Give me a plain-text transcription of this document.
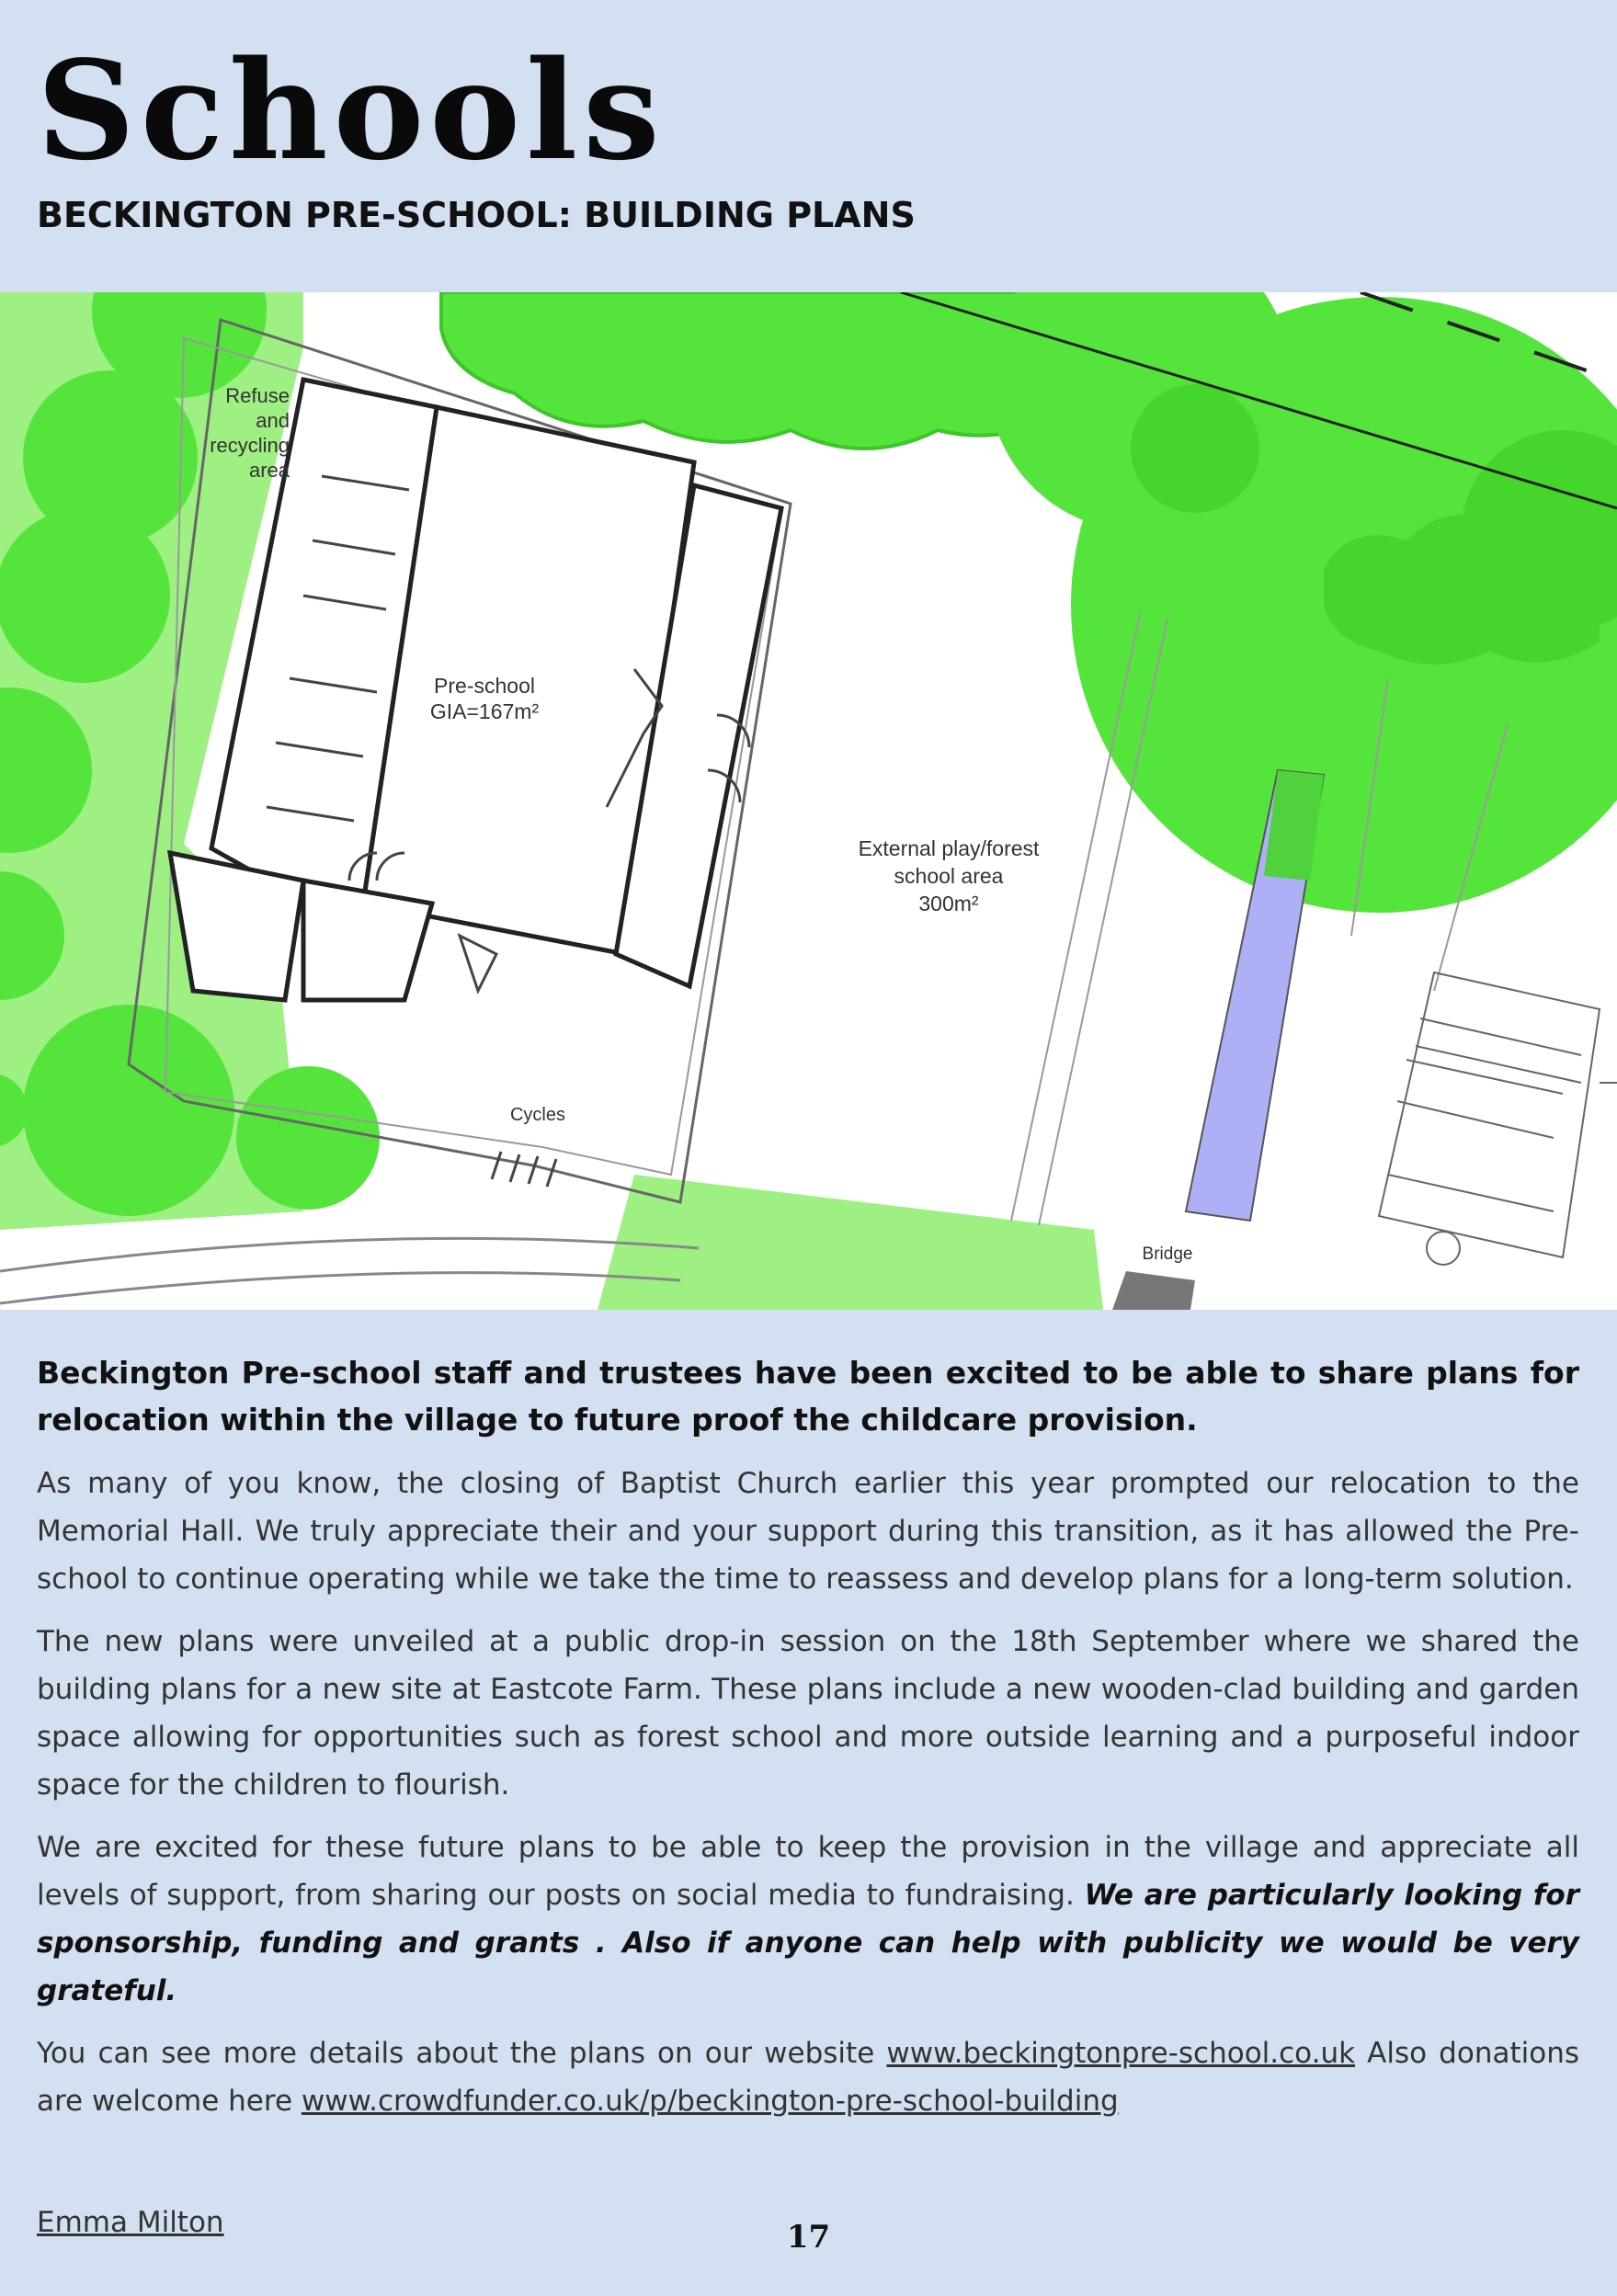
Schools
BECKINGTON PRE-SCHOOL: BUILDING PLANS
Refuse
and
recycling
area
Pre-school
GIA=167m²
External play/forest
school area
300m²
Cycles
Bridge

Beckington Pre-school staff and trustees have been excited to be able to share plans for relocation within the village to future proof the childcare provision.

As many of you know, the closing of Baptist Church earlier this year prompted our relocation to the Memorial Hall. We truly appreciate their and your support during this transition, as it has allowed the Pre-school to continue operating while we take the time to reassess and develop plans for a long-term solution.

The new plans were unveiled at a public drop-in session on the 18th September where we shared the building plans for a new site at Eastcote Farm. These plans include a new wooden-clad building and garden space allowing for opportunities such as forest school and more outside learning and a purposeful indoor space for the children to flourish.

We are excited for these future plans to be able to keep the provision in the village and appreciate all levels of support, from sharing our posts on social media to fundraising. We are particularly looking for sponsorship, funding and grants . Also if anyone can help with publicity we would be very grateful.

You can see more details about the plans on our website www.beckingtonpre-school.co.uk Also donations are welcome here www.crowdfunder.co.uk/p/beckington-pre-school-building

Emma Milton	17
